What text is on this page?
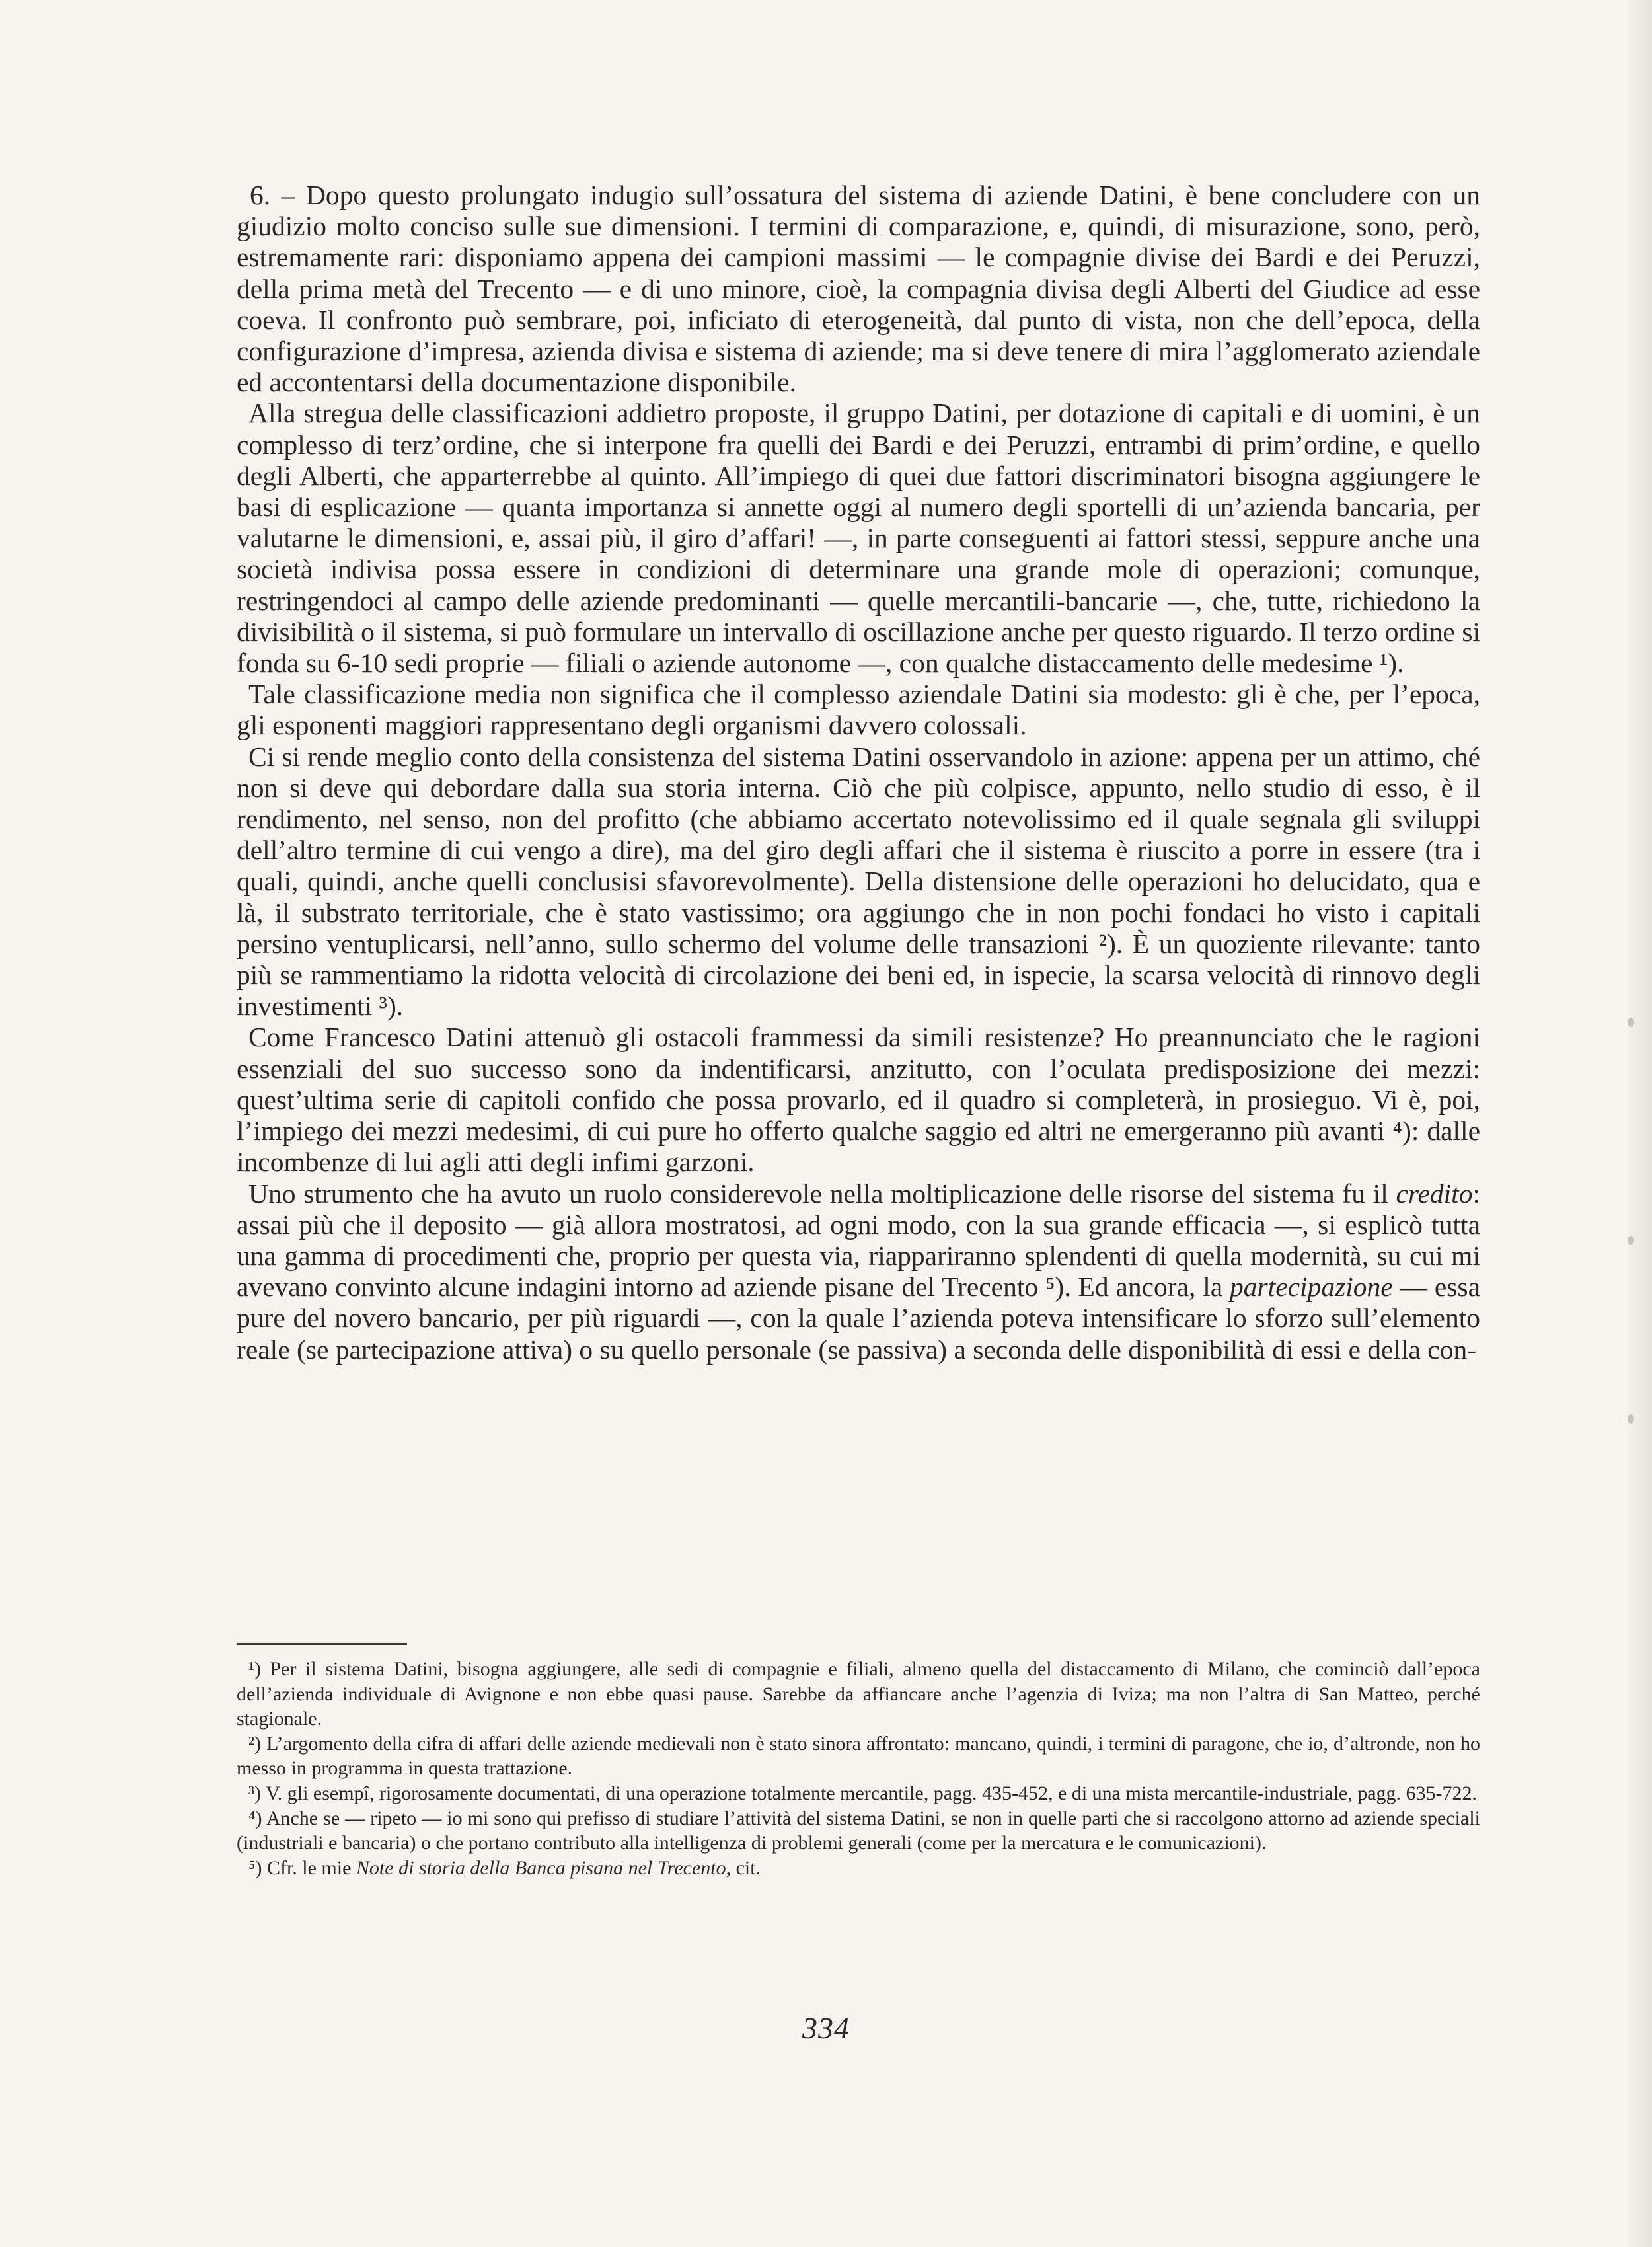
6. – Dopo questo prolungato indugio sull’ossatura del sistema di aziende Datini, è bene concludere con un giudizio molto conciso sulle sue dimensioni. I termini di comparazione, e, quindi, di misurazione, sono, però, estremamente rari: disponiamo appena dei campioni massimi — le compagnie divise dei Bardi e dei Peruzzi, della prima metà del Trecento — e di uno minore, cioè, la compagnia divisa degli Alberti del Giudice ad esse coeva. Il confronto può sembrare, poi, inficiato di eterogeneità, dal punto di vista, non che dell’epoca, della configurazione d’impresa, azienda divisa e sistema di aziende; ma si deve tenere di mira l’agglomerato aziendale ed accontentarsi della documentazione disponibile.

Alla stregua delle classificazioni addietro proposte, il gruppo Datini, per dotazione di capitali e di uomini, è un complesso di terz’ordine, che si interpone fra quelli dei Bardi e dei Peruzzi, entrambi di prim’ordine, e quello degli Alberti, che apparterrebbe al quinto. All’impiego di quei due fattori discriminatori bisogna aggiungere le basi di esplicazione — quanta importanza si annette oggi al numero degli sportelli di un’azienda bancaria, per valutarne le dimensioni, e, assai più, il giro d’affari! —, in parte conseguenti ai fattori stessi, seppure anche una società indivisa possa essere in condizioni di determinare una grande mole di operazioni; comunque, restringendoci al campo delle aziende predominanti — quelle mercantili-bancarie —, che, tutte, richiedono la divisibilità o il sistema, si può formulare un intervallo di oscillazione anche per questo riguardo. Il terzo ordine si fonda su 6-10 sedi proprie — filiali o aziende autonome —, con qualche distaccamento delle medesime ¹).

Tale classificazione media non significa che il complesso aziendale Datini sia modesto: gli è che, per l’epoca, gli esponenti maggiori rappresentano degli organismi davvero colossali.

Ci si rende meglio conto della consistenza del sistema Datini osservandolo in azione: appena per un attimo, ché non si deve qui debordare dalla sua storia interna. Ciò che più colpisce, appunto, nello studio di esso, è il rendimento, nel senso, non del profitto (che abbiamo accertato notevolissimo ed il quale segnala gli sviluppi dell’altro termine di cui vengo a dire), ma del giro degli affari che il sistema è riuscito a porre in essere (tra i quali, quindi, anche quelli conclusisi sfavorevolmente). Della distensione delle operazioni ho delucidato, qua e là, il substrato territoriale, che è stato vastissimo; ora aggiungo che in non pochi fondaci ho visto i capitali persino ventuplicarsi, nell’anno, sullo schermo del volume delle transazioni ²). È un quoziente rilevante: tanto più se rammentiamo la ridotta velocità di circolazione dei beni ed, in ispecie, la scarsa velocità di rinnovo degli investimenti ³).

Come Francesco Datini attenuò gli ostacoli frammessi da simili resistenze? Ho preannunciato che le ragioni essenziali del suo successo sono da indentificarsi, anzitutto, con l’oculata predisposizione dei mezzi: quest’ultima serie di capitoli confido che possa provarlo, ed il quadro si completerà, in prosieguo. Vi è, poi, l’impiego dei mezzi medesimi, di cui pure ho offerto qualche saggio ed altri ne emergeranno più avanti ⁴): dalle incombenze di lui agli atti degli infimi garzoni.

Uno strumento che ha avuto un ruolo considerevole nella moltiplicazione delle risorse del sistema fu il credito: assai più che il deposito — già allora mostratosi, ad ogni modo, con la sua grande efficacia —, si esplicò tutta una gamma di procedimenti che, proprio per questa via, riappariranno splendenti di quella modernità, su cui mi avevano convinto alcune indagini intorno ad aziende pisane del Trecento ⁵). Ed ancora, la partecipazione — essa pure del novero bancario, per più riguardi —, con la quale l’azienda poteva intensificare lo sforzo sull’elemento reale (se partecipazione attiva) o su quello personale (se passiva) a seconda delle disponibilità di essi e della con-

¹) Per il sistema Datini, bisogna aggiungere, alle sedi di compagnie e filiali, almeno quella del distaccamento di Milano, che cominciò dall’epoca dell’azienda individuale di Avignone e non ebbe quasi pause. Sarebbe da affiancare anche l’agenzia di Iviza; ma non l’altra di San Matteo, perché stagionale.

²) L’argomento della cifra di affari delle aziende medievali non è stato sinora affrontato: mancano, quindi, i termini di paragone, che io, d’altronde, non ho messo in programma in questa trattazione.

³) V. gli esempî, rigorosamente documentati, di una operazione totalmente mercantile, pagg. 435-452, e di una mista mercantile-industriale, pagg. 635-722.

⁴) Anche se — ripeto — io mi sono qui prefisso di studiare l’attività del sistema Datini, se non in quelle parti che si raccolgono attorno ad aziende speciali (industriali e bancaria) o che portano contributo alla intelligenza di problemi generali (come per la mercatura e le comunicazioni).

⁵) Cfr. le mie Note di storia della Banca pisana nel Trecento, cit.

334
